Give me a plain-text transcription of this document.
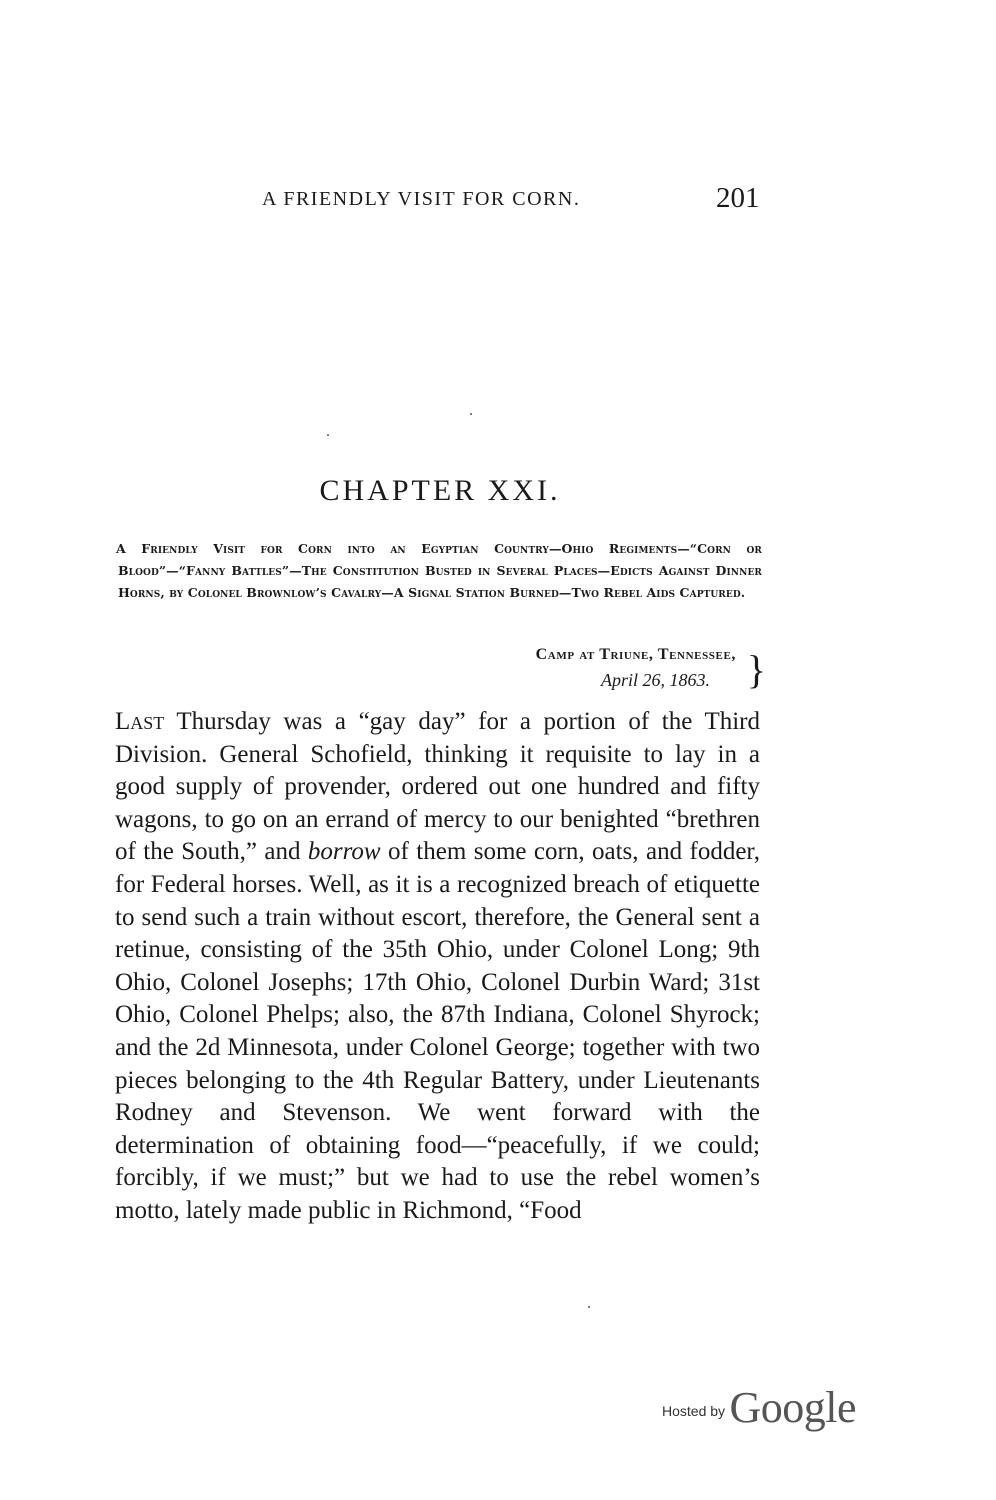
A FRIENDLY VISIT FOR CORN.	201
CHAPTER XXI.
A Friendly Visit for Corn into an Egyptian Country—Ohio Regiments—“Corn or Blood”—“Fanny Battles”—The Constitution Busted in Several Places—Edicts Against Dinner Horns, by Colonel Brownlow’s Cavalry—A Signal Station Burned—Two Rebel Aids Captured.
Camp at Triune, Tennessee,
April 26, 1863. }
Last Thursday was a “gay day” for a portion of the Third Division. General Schofield, thinking it requisite to lay in a good supply of provender, ordered out one hundred and fifty wagons, to go on an errand of mercy to our benighted “brethren of the South,” and borrow of them some corn, oats, and fodder, for Federal horses. Well, as it is a recognized breach of etiquette to send such a train without escort, therefore, the General sent a retinue, consisting of the 35th Ohio, under Colonel Long; 9th Ohio, Colonel Josephs; 17th Ohio, Colonel Durbin Ward; 31st Ohio, Colonel Phelps; also, the 87th Indiana, Colonel Shyrock; and the 2d Minnesota, under Colonel George; together with two pieces belonging to the 4th Regular Battery, under Lieutenants Rodney and Stevenson. We went forward with the determination of obtaining food—“peacefully, if we could; forcibly, if we must;” but we had to use the rebel women’s motto, lately made public in Richmond, “Food
Hosted by Google
